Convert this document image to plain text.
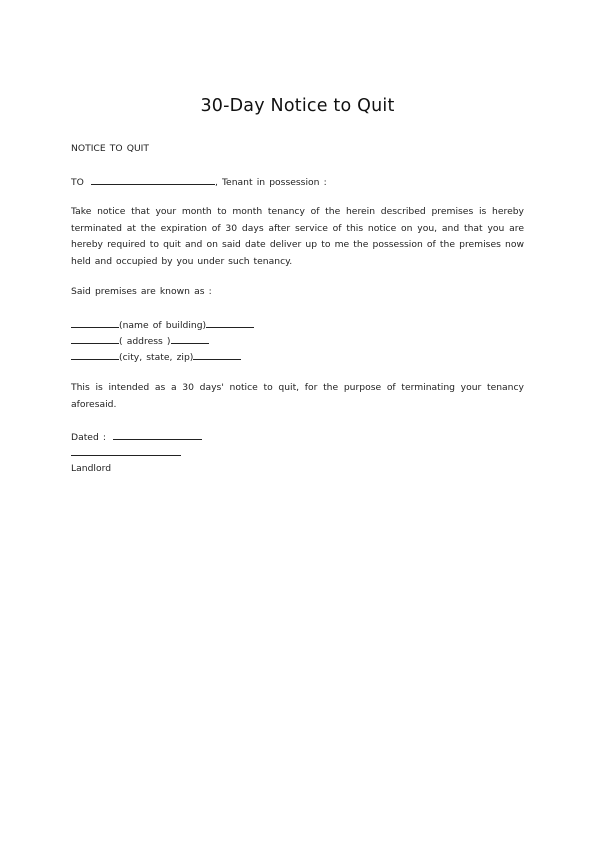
30-Day Notice to Quit
NOTICE TO QUIT
TO	, Tenant in possession :
Take notice that your month to month tenancy of the herein described premises is hereby terminated at the expiration of 30 days after service of this notice on you, and that you are hereby required to quit and on said date deliver up to me the possession of the premises now held and occupied by you under such tenancy.
Said premises are known as :
(name of building)
( address )
(city, state, zip)
This is intended as a 30 days' notice to quit, for the purpose of terminating your tenancy aforesaid.
Dated :
Landlord
